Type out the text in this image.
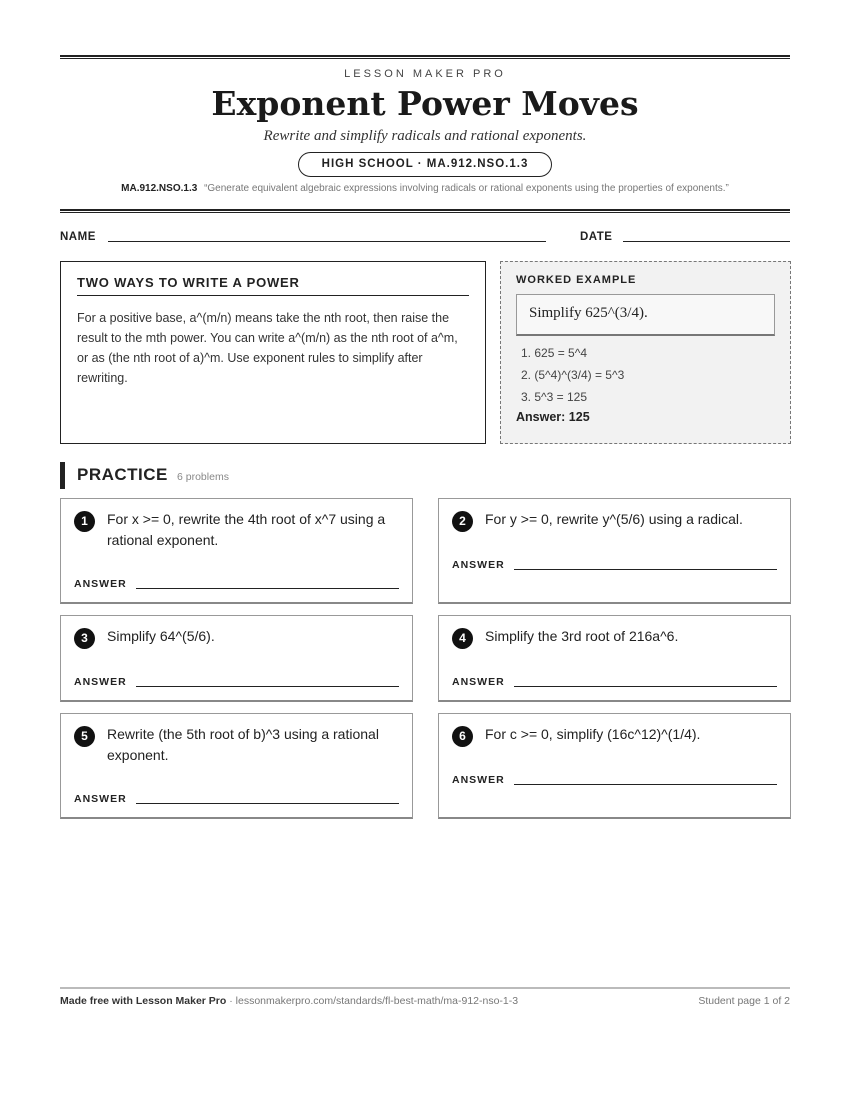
LESSON MAKER PRO
Exponent Power Moves
Rewrite and simplify radicals and rational exponents.
HIGH SCHOOL · MA.912.NSO.1.3
MA.912.NSO.1.3 “Generate equivalent algebraic expressions involving radicals or rational exponents using the properties of exponents.”
NAME	DATE
TWO WAYS TO WRITE A POWER

For a positive base, a^(m/n) means take the nth root, then raise the result to the mth power. You can write a^(m/n) as the nth root of a^m, or as (the nth root of a)^m. Use exponent rules to simplify after rewriting.

WORKED EXAMPLE
Simplify 625^(3/4).
1. 625 = 5^4
2. (5^4)^(3/4) = 5^3
3. 5^3 = 125
Answer: 125
PRACTICE 6 problems
1	For x >= 0, rewrite the 4th root of x^7 using a rational exponent.
ANSWER
2	For y >= 0, rewrite y^(5/6) using a radical.
ANSWER
3	Simplify 64^(5/6).
ANSWER
4	Simplify the 3rd root of 216a^6.
ANSWER
5	Rewrite (the 5th root of b)^3 using a rational exponent.
ANSWER
6	For c >= 0, simplify (16c^12)^(1/4).
ANSWER
Made free with Lesson Maker Pro · lessonmakerpro.com/standards/fl-best-math/ma-912-nso-1-3	Student page 1 of 2
